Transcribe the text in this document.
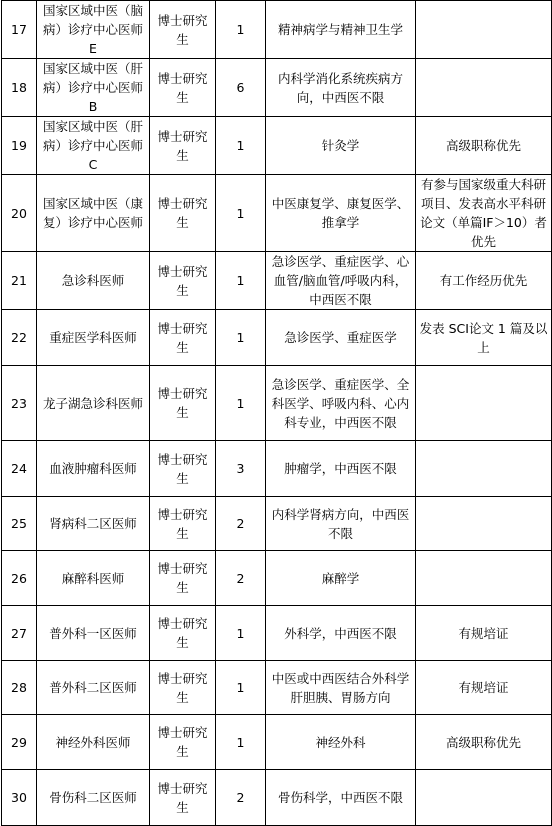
17	国家区域中医（脑病）诊疗中心医师E	博士研究生	1	精神病学与精神卫生学	
18	国家区域中医（肝病）诊疗中心医师B	博士研究生	6	内科学消化系统疾病方向，中西医不限	
19	国家区域中医（肝病）诊疗中心医师C	博士研究生	1	针灸学	高级职称优先
20	国家区域中医（康复）诊疗中心医师	博士研究生	1	中医康复学、康复医学、推拿学	有参与国家级重大科研项目、发表高水平科研论文（单篇IF＞10）者优先
21	急诊科医师	博士研究生	1	急诊医学、重症医学、心血管/脑血管/呼吸内科，中西医不限	有工作经历优先
22	重症医学科医师	博士研究生	1	急诊医学、重症医学	发表 SCI论文 1 篇及以上
23	龙子湖急诊科医师	博士研究生	1	急诊医学、重症医学、全科医学、呼吸内科、心内科专业，中西医不限	
24	血液肿瘤科医师	博士研究生	3	肿瘤学，中西医不限	
25	肾病科二区医师	博士研究生	2	内科学肾病方向，中西医不限	
26	麻醉科医师	博士研究生	2	麻醉学	
27	普外科一区医师	博士研究生	1	外科学，中西医不限	有规培证
28	普外科二区医师	博士研究生	1	中医或中西医结合外科学肝胆胰、胃肠方向	有规培证
29	神经外科医师	博士研究生	1	神经外科	高级职称优先
30	骨伤科二区医师	博士研究生	2	骨伤科学，中西医不限	
